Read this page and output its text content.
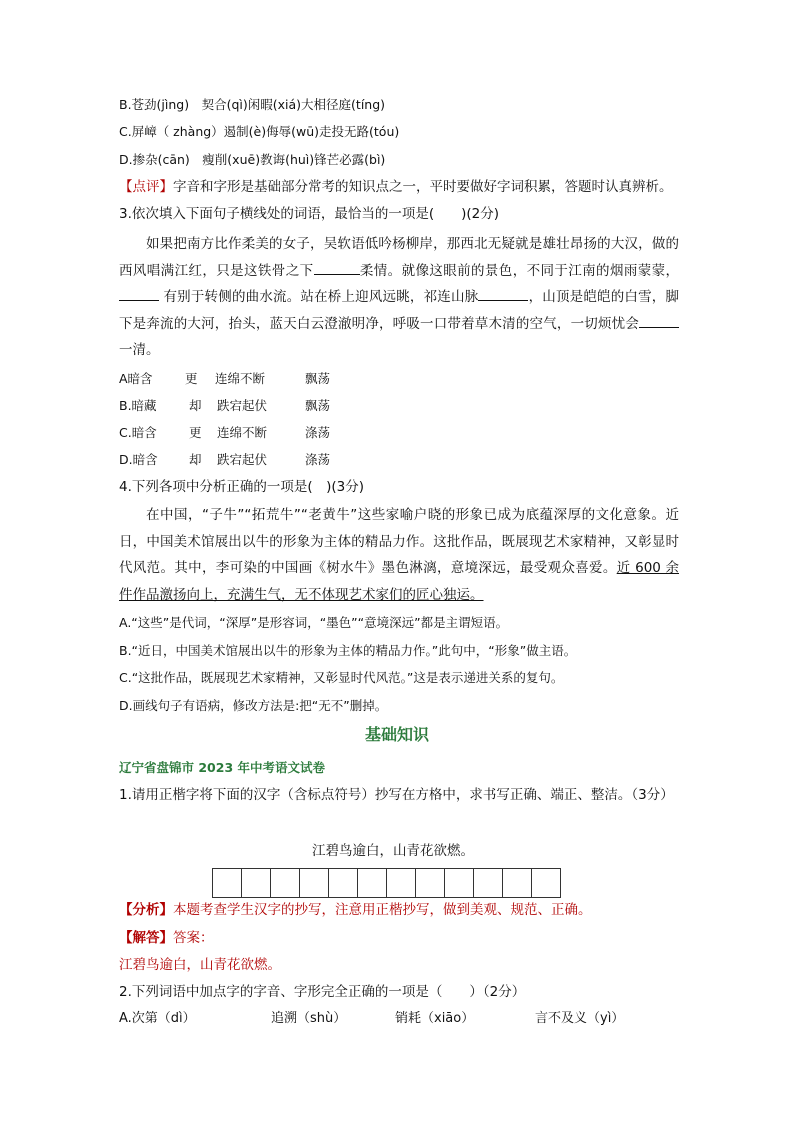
B.苍劲(jìng)　契合(qì)闲暇(xiá)大相径庭(tíng)
C.屏嶂（ zhàng）遏制(è)侮辱(wū)走投无路(tóu)
D.掺杂(cān)　瘦削(xuē)教诲(huì)锋芒必露(bì)
【点评】字音和字形是基础部分常考的知识点之一，平时要做好字词积累，答题时认真辨析。
3.依次填入下面句子横线处的词语，最恰当的一项是(　　)(2分)
如果把南方比作柔美的女子，吴软语低吟杨柳岸，那西北无疑就是雄壮昂扬的大汉，做的西风唱满江红，只是这铁骨之下	柔情。就像这眼前的景色，不同于江南的烟雨蒙蒙， 有别于转侧的曲水流。站在桥上迎风远眺，祁连山脉	，山顶是皑皑的白雪，脚下是奔流的大河，抬头，蓝天白云澄澈明净，呼吸一口带着草木清的空气，一切烦忧会 一清。
A暗含	更 连绵不断	飘荡
B.暗藏	却 跌宕起伏	飘荡
C.暗含	更 连绵不断	涤荡
D.暗含	却 跌宕起伏	涤荡
4.下列各项中分析正确的一项是(　)(3分)
在中国，“子牛”“拓荒牛”“老黄牛”这些家喻户晓的形象已成为底蕴深厚的文化意象。近日，中国美术馆展出以牛的形象为主体的精品力作。这批作品，既展现艺术家精神，又彰显时代风范。其中，李可染的中国画《树水牛》墨色淋漓，意境深远，最受观众喜爱。近 600 余件作品激扬向上，充满生气，无不体现艺术家们的匠心独运。
A.“这些”是代词，“深厚”是形容词，“墨色”“意境深远”都是主谓短语。
B.“近日，中国美术馆展出以牛的形象为主体的精品力作。”此句中，“形象”做主语。
C.“这批作品，既展现艺术家精神，又彰显时代风范。”这是表示递进关系的复句。
D.画线句子有语病，修改方法是:把“无不”删掉。
基础知识
辽宁省盘锦市 2023 年中考语文试卷
1.请用正楷字将下面的汉字（含标点符号）抄写在方格中，求书写正确、端正、整洁。（3分）
江碧鸟逾白，山青花欲燃。
【分析】本题考查学生汉字的抄写，注意用正楷抄写，做到美观、规范、正确。
【解答】答案：
江碧鸟逾白，山青花欲燃。
2.下列词语中加点字的字音、字形完全正确的一项是（　　）（2分）
A.次第（dì）	追溯（shù）	销耗（xiāo）	言不及义（yì）
